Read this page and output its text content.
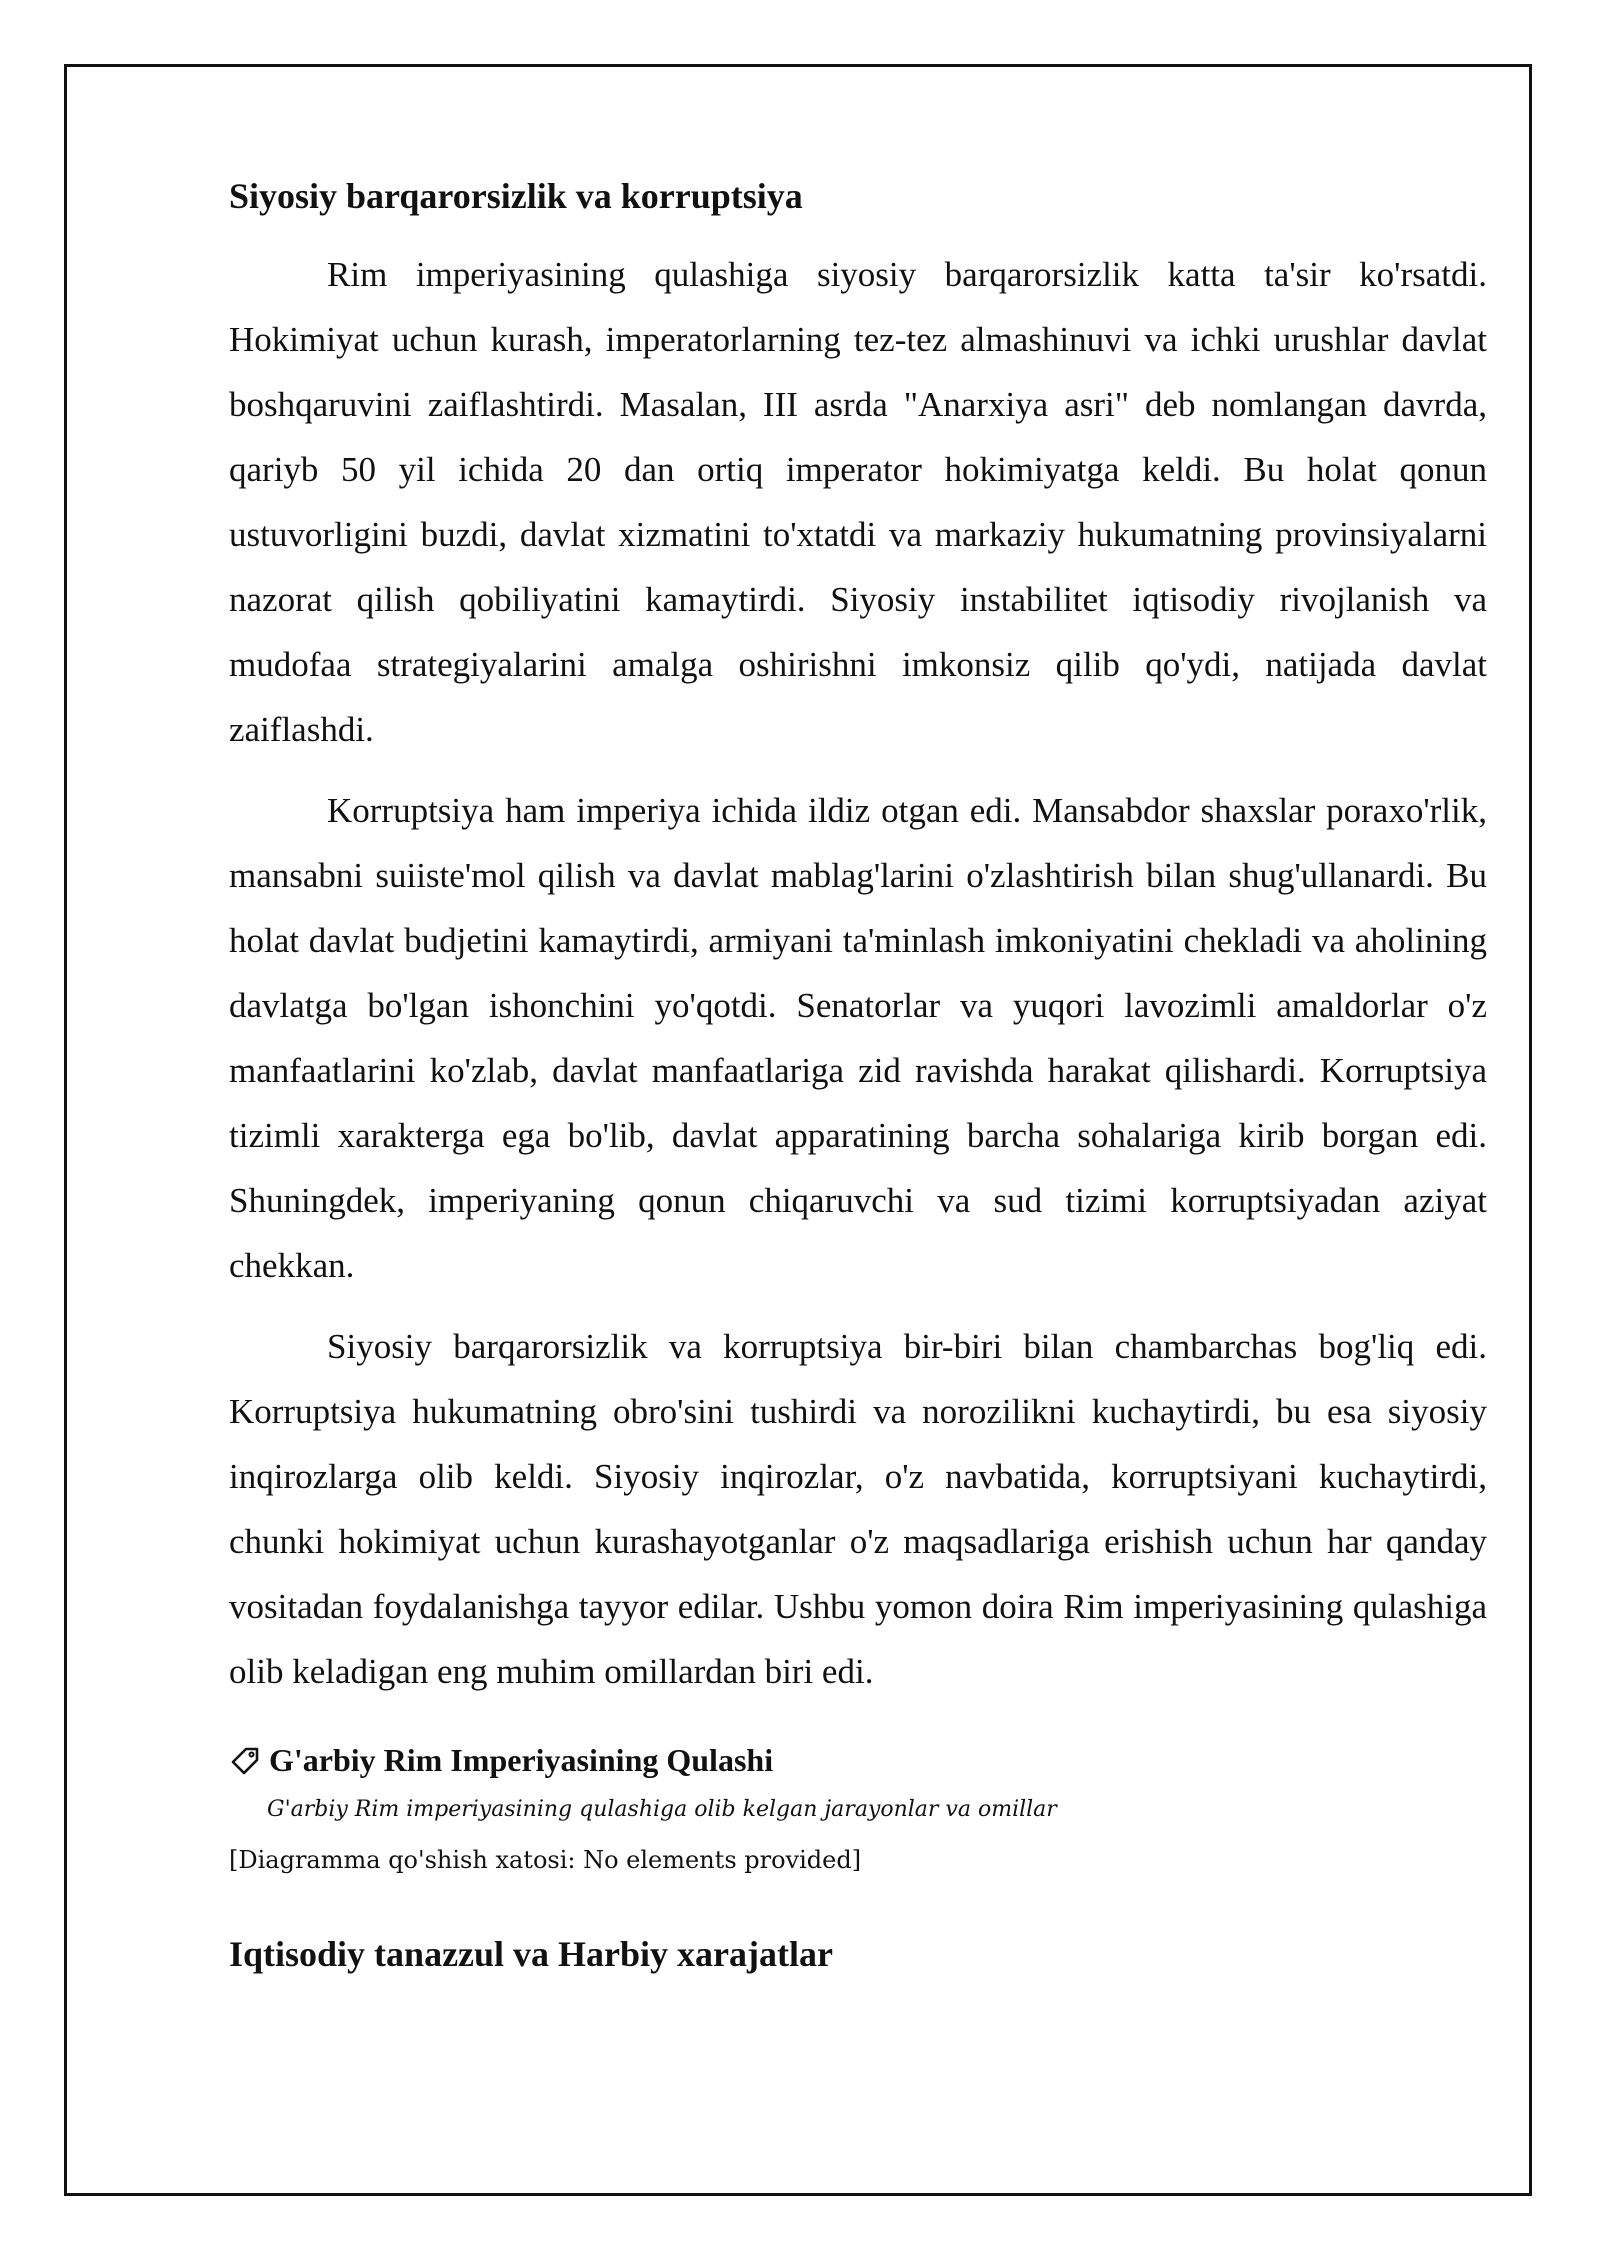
Siyosiy barqarorsizlik va korruptsiya

Rim imperiyasining qulashiga siyosiy barqarorsizlik katta ta'sir ko'rsatdi. Hokimiyat uchun kurash, imperatorlarning tez-tez almashinuvi va ichki urushlar davlat boshqaruvini zaiflashtirdi. Masalan, III asrda "Anarxiya asri" deb nomlangan davrda, qariyb 50 yil ichida 20 dan ortiq imperator hokimiyatga keldi. Bu holat qonun ustuvorligini buzdi, davlat xizmatini to'xtatdi va markaziy hukumatning provinsiyalarni nazorat qilish qobiliyatini kamaytirdi. Siyosiy instabilitet iqtisodiy rivojlanish va mudofaa strategiyalarini amalga oshirishni imkonsiz qilib qo'ydi, natijada davlat zaiflashdi.

Korruptsiya ham imperiya ichida ildiz otgan edi. Mansabdor shaxslar poraxo'rlik, mansabni suiiste'mol qilish va davlat mablag'larini o'zlashtirish bilan shug'ullanardi. Bu holat davlat budjetini kamaytirdi, armiyani ta'minlash imkoniyatini chekladi va aholining davlatga bo'lgan ishonchini yo'qotdi. Senatorlar va yuqori lavozimli amaldorlar o'z manfaatlarini ko'zlab, davlat manfaatlariga zid ravishda harakat qilishardi. Korruptsiya tizimli xarakterga ega bo'lib, davlat apparatining barcha sohalariga kirib borgan edi. Shuningdek, imperiyaning qonun chiqaruvchi va sud tizimi korruptsiyadan aziyat chekkan.

Siyosiy barqarorsizlik va korruptsiya bir-biri bilan chambarchas bog'liq edi. Korruptsiya hukumatning obro'sini tushirdi va norozilikni kuchaytirdi, bu esa siyosiy inqirozlarga olib keldi. Siyosiy inqirozlar, o'z navbatida, korruptsiyani kuchaytirdi, chunki hokimiyat uchun kurashayotganlar o'z maqsadlariga erishish uchun har qanday vositadan foydalanishga tayyor edilar. Ushbu yomon doira Rim imperiyasining qulashiga olib keladigan eng muhim omillardan biri edi.

G'arbiy Rim Imperiyasining Qulashi
G'arbiy Rim imperiyasining qulashiga olib kelgan jarayonlar va omillar
[Diagramma qo'shish xatosi: No elements provided]
Iqtisodiy tanazzul va Harbiy xarajatlar
